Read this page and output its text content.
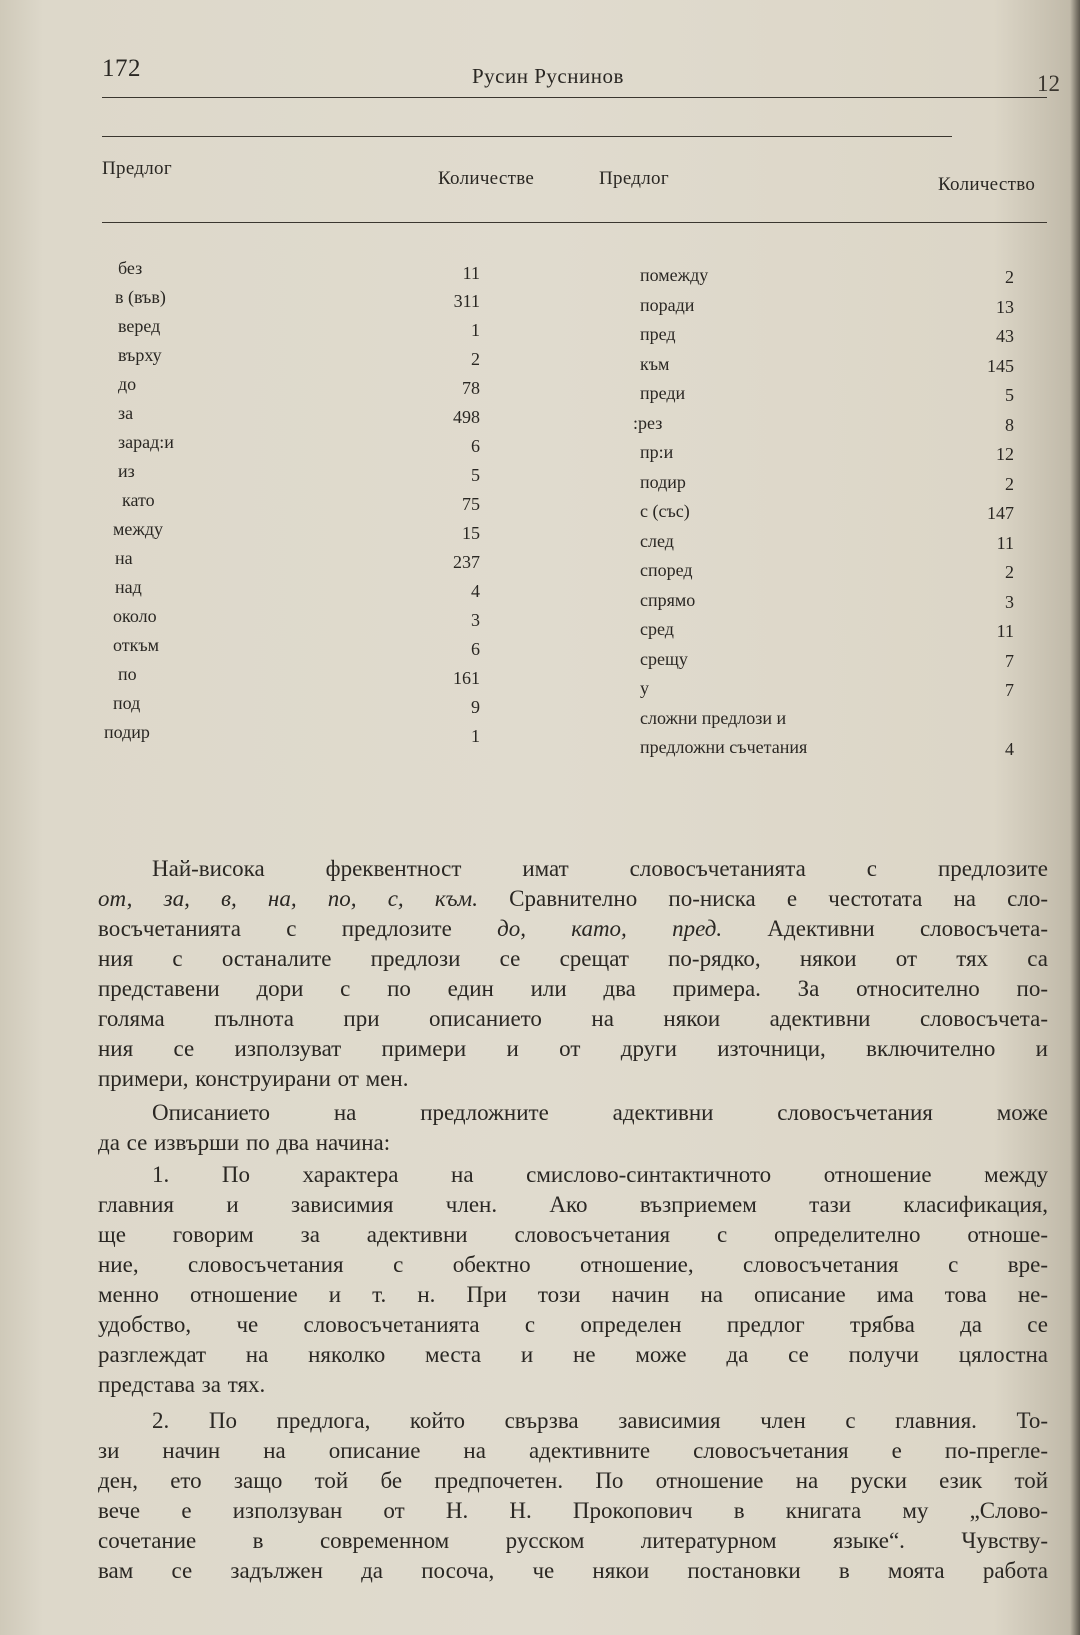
172	Русин Руснинов	12
Предлог	Количестве	Предлог	Количество
без	11
в (във)	311
веред	1
върху	2
до	78
за	498
зарад:и	6
из	5
като	75
между	15
на	237
над	4
около	3
откъм	6
по	161
под	9
подир	1
помежду	2
поради	13
пред	43
към	145
преди	5
:рез	8
пр:и	12
подир	2
с (със)	147
след	11
според	2
спрямо	3
сред	11
срещу	7
у	7
сложни предлози и
предложни съчетания	4
Най-висока фреквентност имат словосъчетанията с предлозите
от, за, в, на, по, с, към. Сравнително по-ниска е честотата на сло-
восъчетанията с предлозите до, като, пред. Адективни словосъчета-
ния с останалите предлози се срещат по-рядко, някои от тях са
представени дори с по един или два примера. За относително по-
голяма пълнота при описанието на някои адективни словосъчета-
ния се използуват примери и от други източници, включително и
примери, конструирани от мен.
Описанието на предложните адективни словосъчетания може
да се извърши по два начина:
1. По характера на смислово-синтактичното отношение между
главния и зависимия член. Ако възприемем тази класификация,
ще говорим за адективни словосъчетания с определително отноше-
ние, словосъчетания с обектно отношение, словосъчетания с вре-
менно отношение и т. н. При този начин на описание има това не-
удобство, че словосъчетанията с определен предлог трябва да се
разглеждат на няколко места и не може да се получи цялостна
представа за тях.
2. По предлога, който свързва зависимия член с главния. То-
зи начин на описание на адективните словосъчетания е по-прегле-
ден, ето защо той бе предпочетен. По отношение на руски език той
вече е използуван от Н. Н. Прокопович в книгата му „Слово-
сочетание в современном русском литературном языке“. Чувству-
вам се задължен да посоча, че някои постановки в моята работа
